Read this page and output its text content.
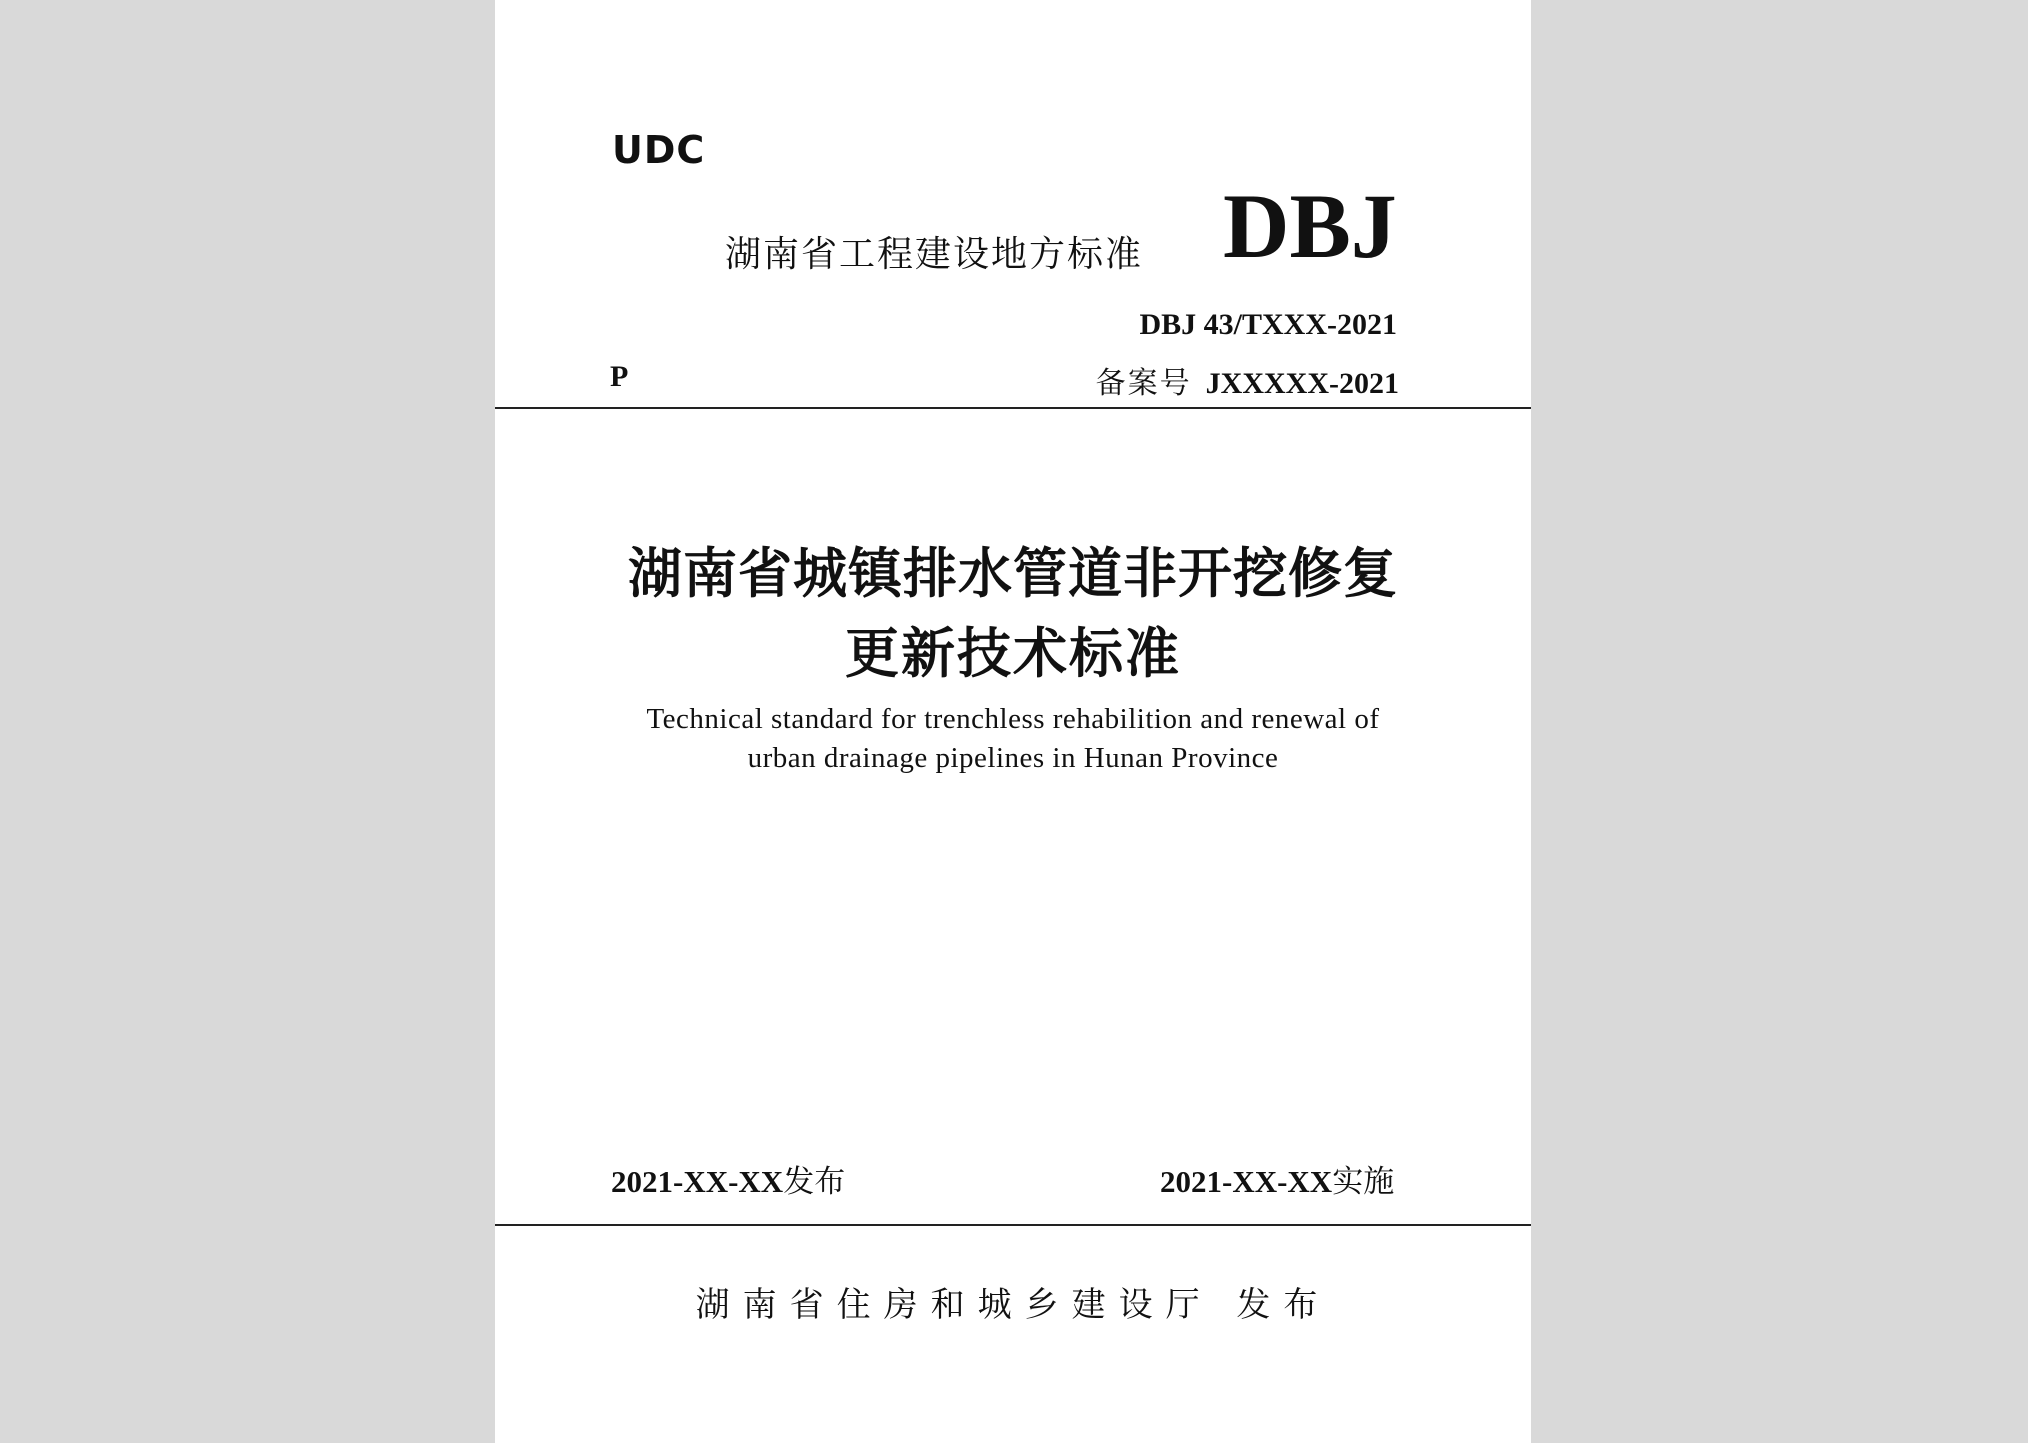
UDC
湖南省工程建设地方标准 DBJ
DBJ 43/TXXX-2021
P	备案号 JXXXXX-2021
湖南省城镇排水管道非开挖修复
更新技术标准
Technical standard for trenchless rehabilition and renewal of
urban drainage pipelines in Hunan Province
2021-XX-XX发布	2021-XX-XX实施
湖南省住房和城乡建设厅 发布
